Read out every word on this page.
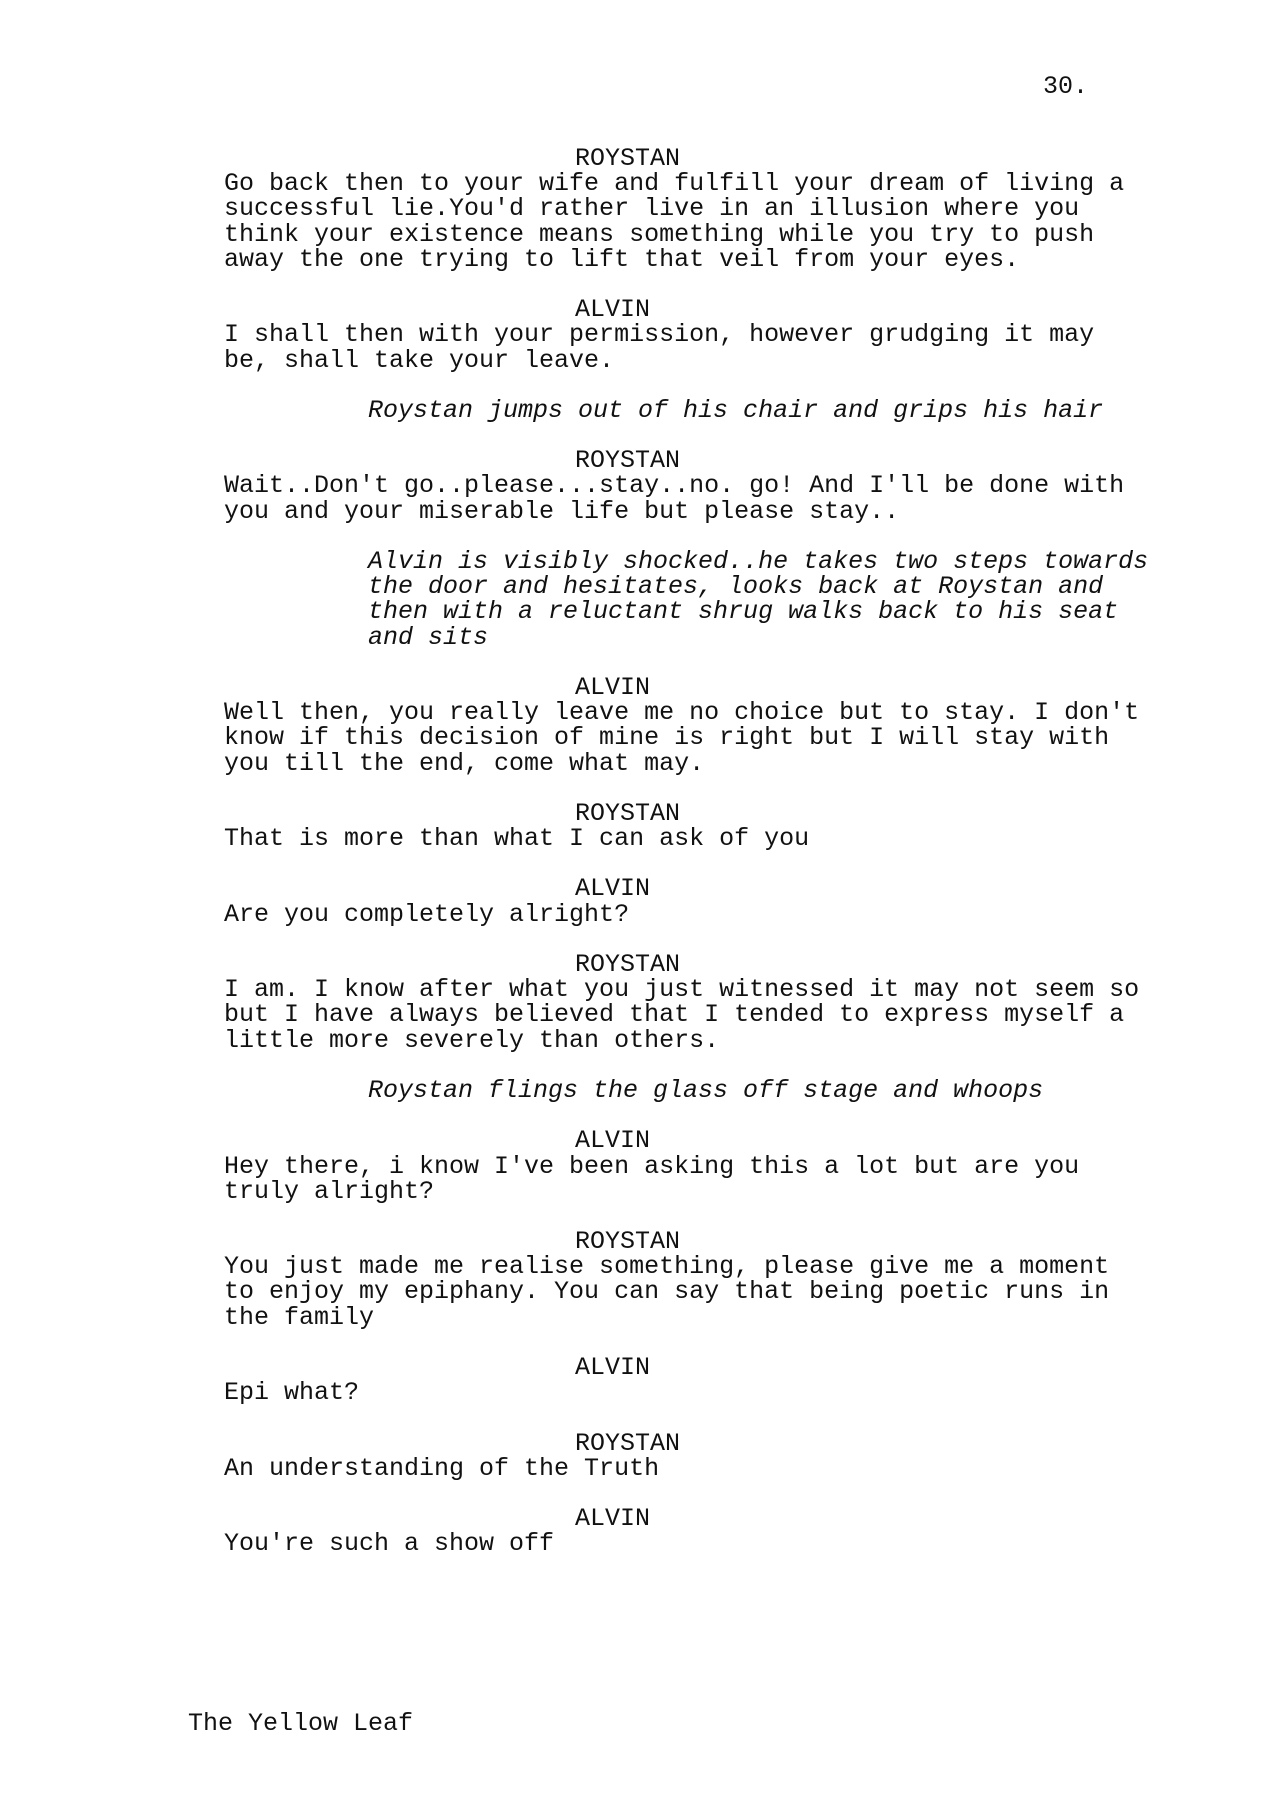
30.
ROYSTAN
Go back then to your wife and fulfill your dream of living a
successful lie.You'd rather live in an illusion where you
think your existence means something while you try to push
away the one trying to lift that veil from your eyes.
ALVIN
I shall then with your permission, however grudging it may
be, shall take your leave.
Roystan jumps out of his chair and grips his hair
ROYSTAN
Wait..Don't go..please...stay..no. go! And I'll be done with
you and your miserable life but please stay..
Alvin is visibly shocked..he takes two steps towards
the door and hesitates, looks back at Roystan and
then with a reluctant shrug walks back to his seat
and sits
ALVIN
Well then, you really leave me no choice but to stay. I don't
know if this decision of mine is right but I will stay with
you till the end, come what may.
ROYSTAN
That is more than what I can ask of you
ALVIN
Are you completely alright?
ROYSTAN
I am. I know after what you just witnessed it may not seem so
but I have always believed that I tended to express myself a
little more severely than others.
Roystan flings the glass off stage and whoops
ALVIN
Hey there, i know I've been asking this a lot but are you
truly alright?
ROYSTAN
You just made me realise something, please give me a moment
to enjoy my epiphany. You can say that being poetic runs in
the family
ALVIN
Epi what?
ROYSTAN
An understanding of the Truth
ALVIN
You're such a show off
The Yellow Leaf
